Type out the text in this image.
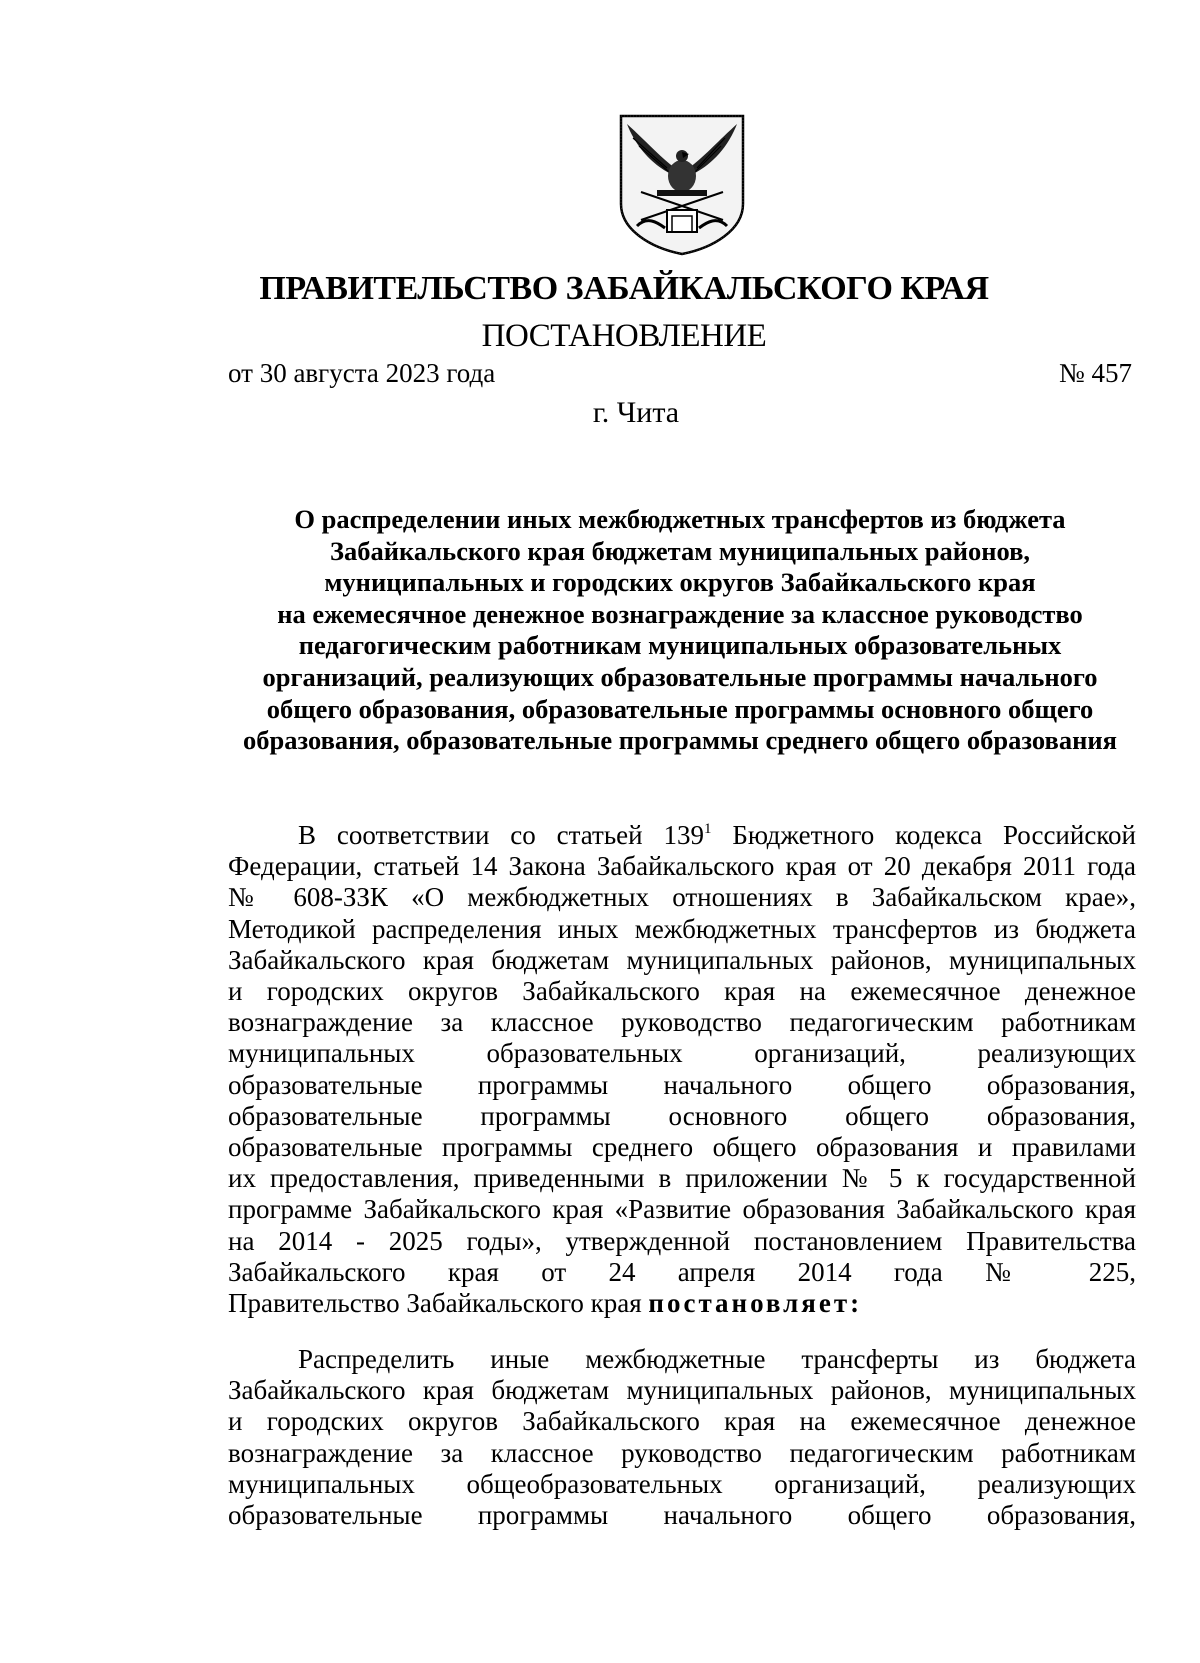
ПРАВИТЕЛЬСТВО ЗАБАЙКАЛЬСКОГО КРАЯ
ПОСТАНОВЛЕНИЕ
от 30 августа 2023 года	№ 457
г. Чита
О распределении иных межбюджетных трансфертов из бюджета
Забайкальского края бюджетам муниципальных районов,
муниципальных и городских округов Забайкальского края
на ежемесячное денежное вознаграждение за классное руководство
педагогическим работникам муниципальных образовательных
организаций, реализующих образовательные программы начального
общего образования, образовательные программы основного общего
образования, образовательные программы среднего общего образования
В соответствии со статьей $139^1$ Бюджетного кодекса Российской
Федерации, статьей 14 Закона Забайкальского края от 20 декабря 2011 года
№ 608-ЗЗК «О межбюджетных отношениях в Забайкальском крае»,
Методикой распределения иных межбюджетных трансфертов из бюджета
Забайкальского края бюджетам муниципальных районов, муниципальных
и городских округов Забайкальского края на ежемесячное денежное
вознаграждение за классное руководство педагогическим работникам
муниципальных образовательных организаций, реализующих
образовательные программы начального общего образования,
образовательные программы основного общего образования,
образовательные программы среднего общего образования и правилами
их предоставления, приведенными в приложении № 5 к государственной
программе Забайкальского края «Развитие образования Забайкальского края
на 2014 - 2025 годы», утвержденной постановлением Правительства
Забайкальского края от 24 апреля 2014 года № 225,
Правительство Забайкальского края постановляет:
Распределить иные межбюджетные трансферты из бюджета
Забайкальского края бюджетам муниципальных районов, муниципальных
и городских округов Забайкальского края на ежемесячное денежное
вознаграждение за классное руководство педагогическим работникам
муниципальных общеобразовательных организаций, реализующих
образовательные программы начального общего образования,
